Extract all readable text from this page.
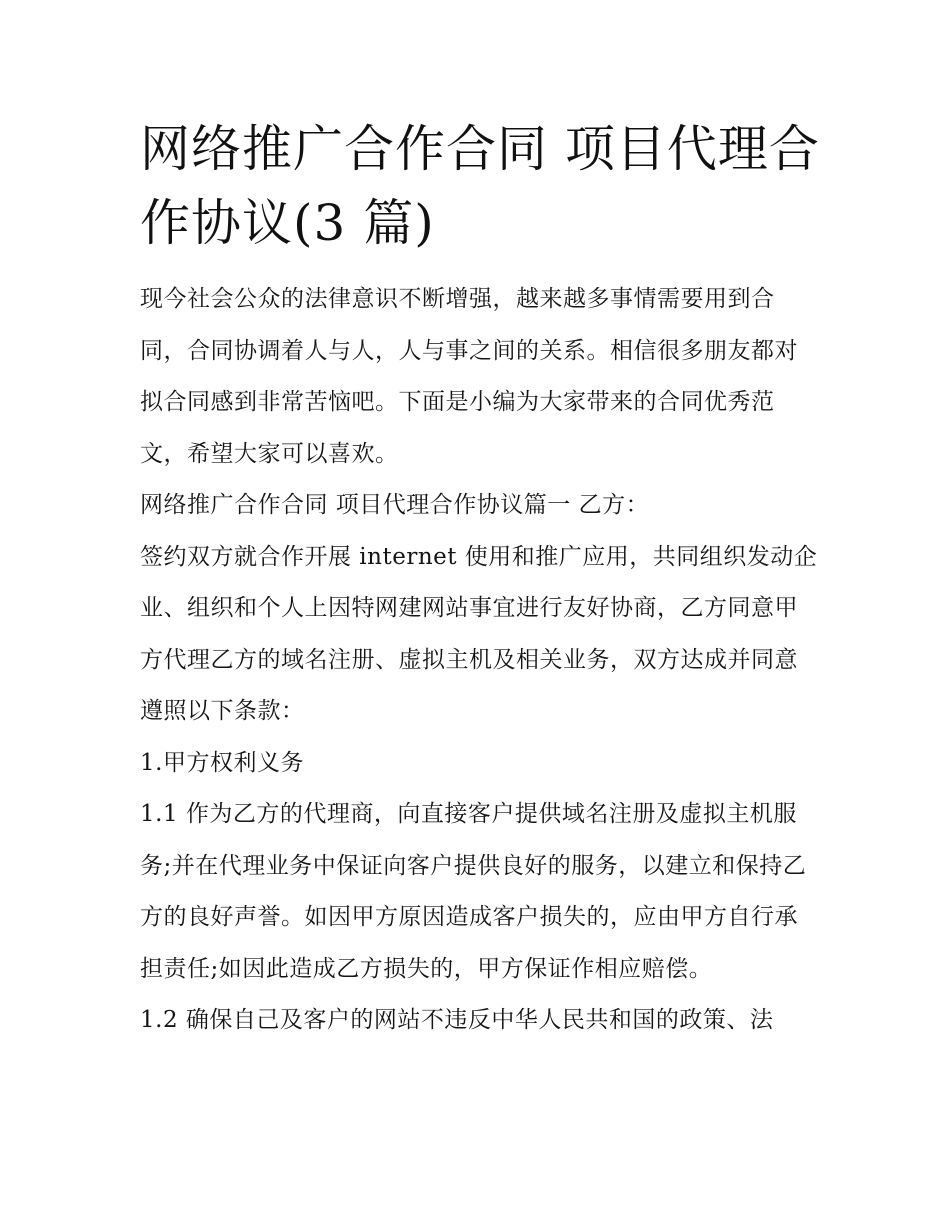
网络推广合作合同 项目代理合作协议(3 篇)

现今社会公众的法律意识不断增强，越来越多事情需要用到合同，合同协调着人与人，人与事之间的关系。相信很多朋友都对拟合同感到非常苦恼吧。下面是小编为大家带来的合同优秀范文，希望大家可以喜欢。

网络推广合作合同 项目代理合作协议篇一 乙方：

签约双方就合作开展 internet 使用和推广应用，共同组织发动企业、组织和个人上因特网建网站事宜进行友好协商，乙方同意甲方代理乙方的域名注册、虚拟主机及相关业务，双方达成并同意遵照以下条款：

1.甲方权利义务

1.1 作为乙方的代理商，向直接客户提供域名注册及虚拟主机服务;并在代理业务中保证向客户提供良好的服务，以建立和保持乙方的良好声誉。如因甲方原因造成客户损失的，应由甲方自行承担责任;如因此造成乙方损失的，甲方保证作相应赔偿。

1.2 确保自己及客户的网站不违反中华人民共和国的政策、法
